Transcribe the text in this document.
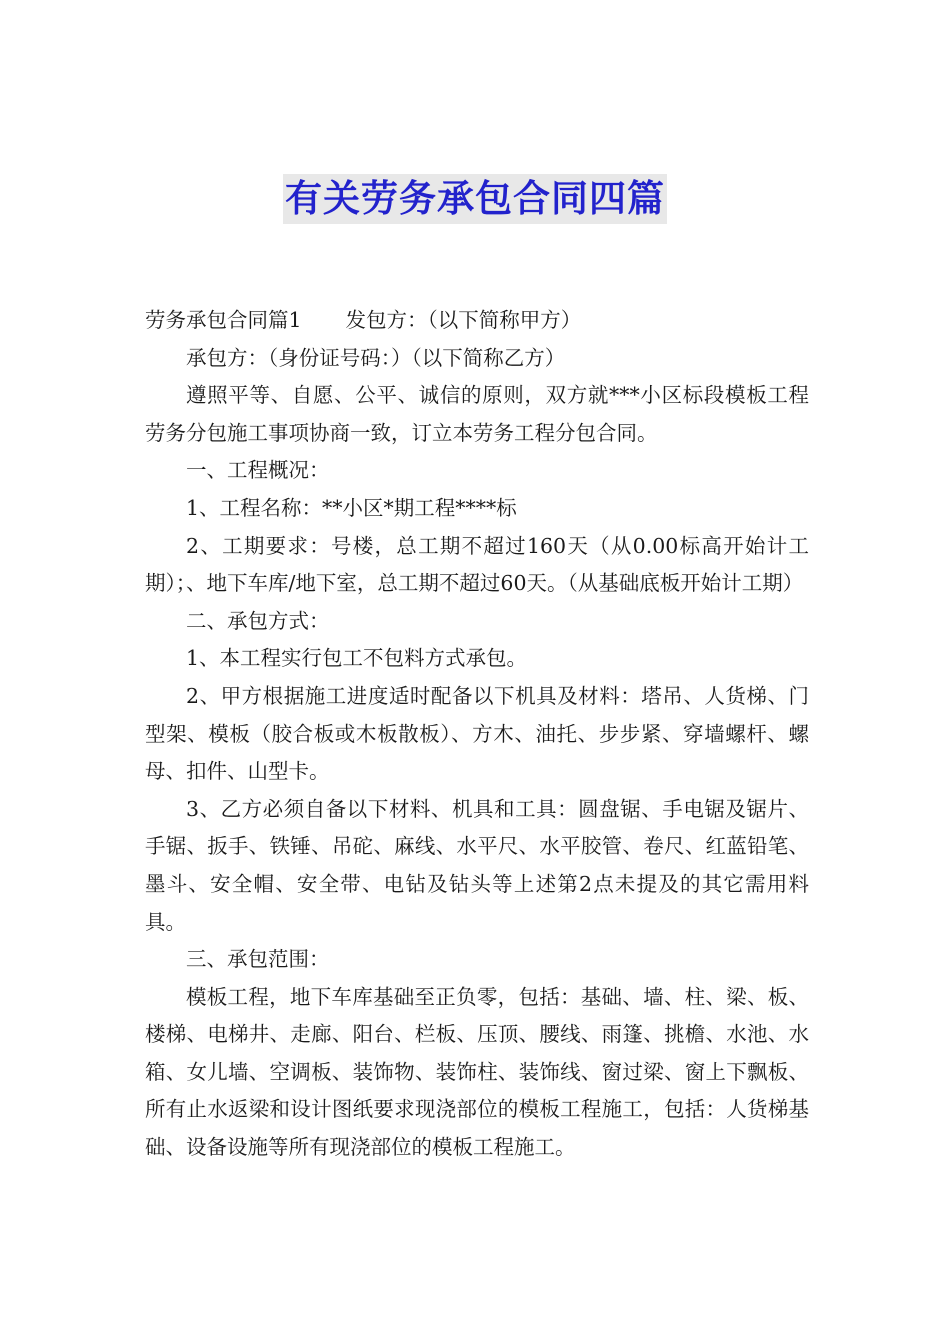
有关劳务承包合同四篇

劳务承包合同篇1 发包方：（以下简称甲方）

承包方：（身份证号码：）（以下简称乙方）

遵照平等、自愿、公平、诚信的原则，双方就***小区标段模板工程劳务分包施工事项协商一致，订立本劳务工程分包合同。

一、工程概况：

1、工程名称：**小区*期工程****标

2、工期要求：号楼，总工期不超过160天（从0.00标高开始计工期）；、地下车库/地下室，总工期不超过60天。（从基础底板开始计工期）

二、承包方式：

1、本工程实行包工不包料方式承包。

2、甲方根据施工进度适时配备以下机具及材料：塔吊、人货梯、门型架、模板（胶合板或木板散板）、方木、油托、步步紧、穿墙螺杆、螺母、扣件、山型卡。

3、乙方必须自备以下材料、机具和工具：圆盘锯、手电锯及锯片、手锯、扳手、铁锤、吊砣、麻线、水平尺、水平胶管、卷尺、红蓝铅笔、墨斗、安全帽、安全带、电钻及钻头等上述第2点未提及的其它需用料具。

三、承包范围：

模板工程，地下车库基础至正负零，包括：基础、墙、柱、梁、板、楼梯、电梯井、走廊、阳台、栏板、压顶、腰线、雨篷、挑檐、水池、水箱、女儿墙、空调板、装饰物、装饰柱、装饰线、窗过梁、窗上下飘板、所有止水返梁和设计图纸要求现浇部位的模板工程施工，包括：人货梯基础、设备设施等所有现浇部位的模板工程施工。
